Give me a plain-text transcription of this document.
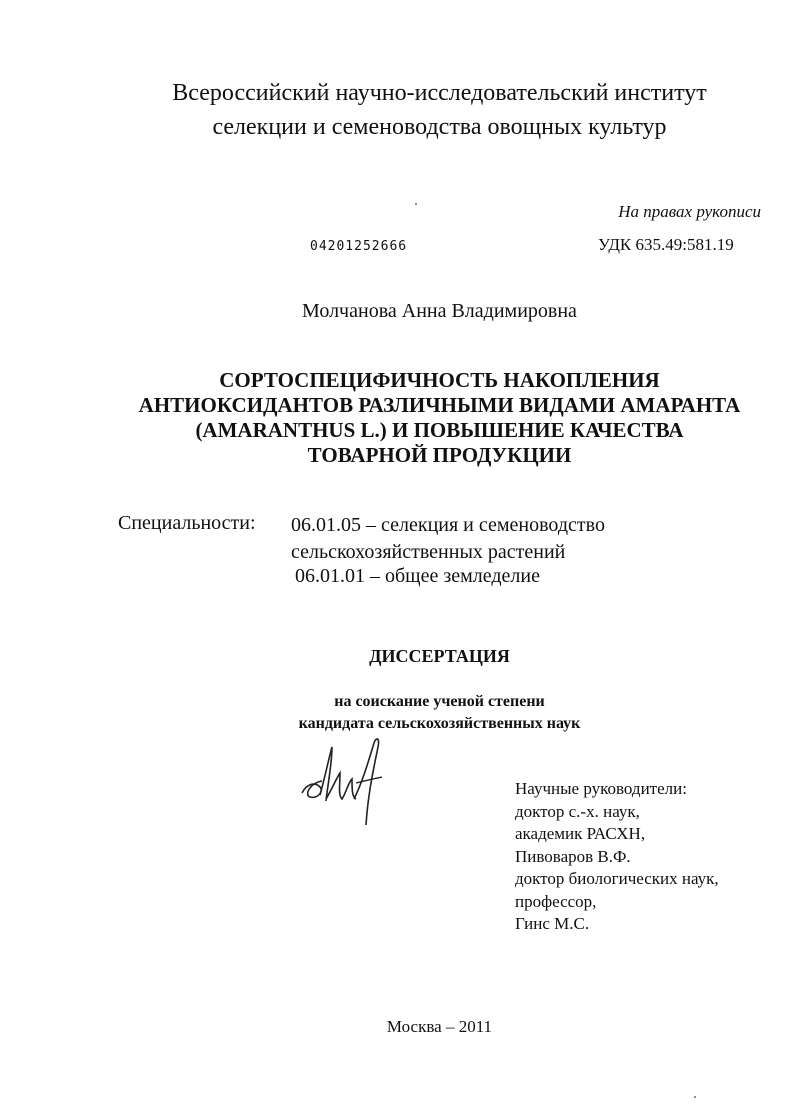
Всероссийский научно-исследовательский институт
селекции и семеноводства овощных культур
На правах рукописи
04201252666	УДК 635.49:581.19
Молчанова Анна Владимировна
СОРТОСПЕЦИФИЧНОСТЬ НАКОПЛЕНИЯ
АНТИОКСИДАНТОВ РАЗЛИЧНЫМИ ВИДАМИ АМАРАНТА
(AMARANTHUS L.) И ПОВЫШЕНИЕ КАЧЕСТВА
ТОВАРНОЙ ПРОДУКЦИИ
Специальности: 06.01.05 – селекция и семеноводство
сельскохозяйственных растений
06.01.01 – общее земледелие
ДИССЕРТАЦИЯ
на соискание ученой степени
кандидата сельскохозяйственных наук
Научные руководители:
доктор с.-х. наук,
академик РАСХН,
Пивоваров В.Ф.
доктор биологических наук,
профессор,
Гинс М.С.
Москва – 2011
